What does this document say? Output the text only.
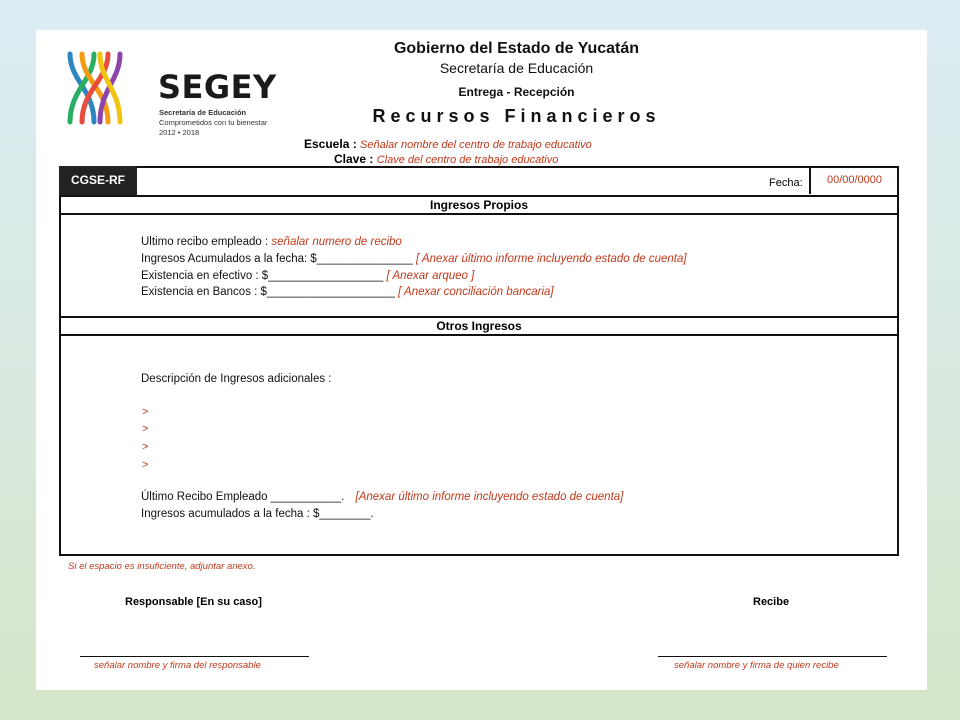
SEGEY
Secretaría de Educación
Comprometidos con tu bienestar
2012 • 2018
Gobierno del Estado de Yucatán
Secretaría de Educación
Entrega - Recepción
Recursos Financieros
Escuela : Señalar nombre del centro de trabajo educativo
Clave : Clave del centro de trabajo educativo
CGSE-RF	Fecha:	00/00/0000
Ingresos Propios
Ultimo recibo empleado : señalar numero de recibo
Ingresos Acumulados a la fecha: $_______________ [ Anexar último informe incluyendo estado de cuenta]
Existencia en efectivo : $__________________ [ Anexar arqueo ]
Existencia en Bancos : $____________________ [ Anexar conciliación bancaria]
Otros Ingresos
Descripción de Ingresos adicionales :
>
>
>
>
Último Recibo Empleado ___________. [Anexar último informe incluyendo estado de cuenta]
Ingresos acumulados a la fecha : $________.
Si el espacio es insuficiente, adjuntar anexo.
Responsable [En su caso]
señalar nombre y firma del responsable
Recibe
señalar nombre y firma de quien recibe
